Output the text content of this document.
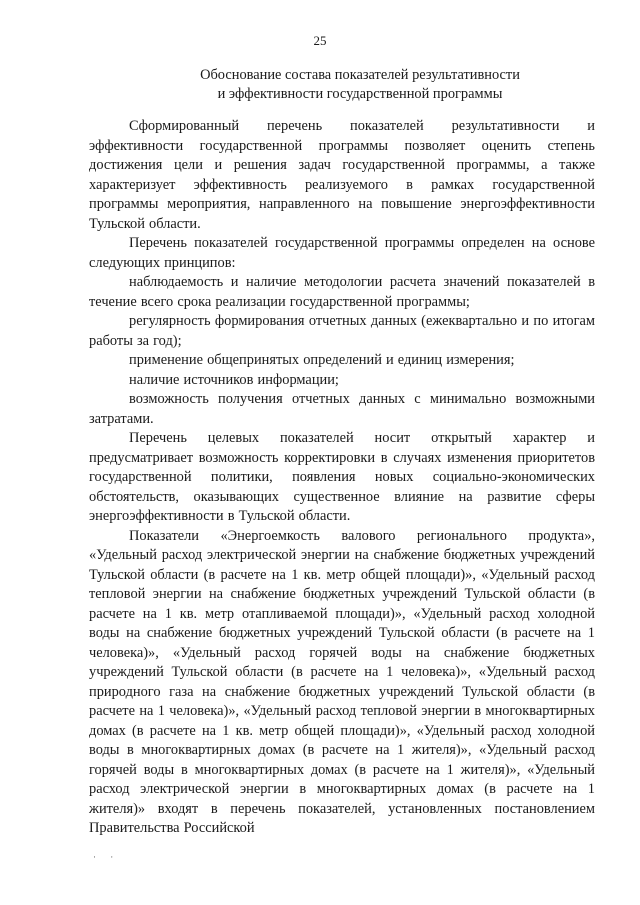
25
Обоснование состава показателей результативности
и эффективности государственной программы

Сформированный перечень показателей результативности и эффективности государственной программы позволяет оценить степень достижения цели и решения задач государственной программы, а также характеризует эффективность реализуемого в рамках государственной программы мероприятия, направленного на повышение энергоэффективности Тульской области.

Перечень показателей государственной программы определен на основе следующих принципов:

наблюдаемость и наличие методологии расчета значений показателей в течение всего срока реализации государственной программы;

регулярность формирования отчетных данных (ежеквартально и по итогам работы за год);

применение общепринятых определений и единиц измерения;

наличие источников информации;

возможность получения отчетных данных с минимально возможными затратами.

Перечень целевых показателей носит открытый характер и предусматривает возможность корректировки в случаях изменения приоритетов государственной политики, появления новых социально-экономических обстоятельств, оказывающих существенное влияние на развитие сферы энергоэффективности в Тульской области.

Показатели «Энергоемкость валового регионального продукта», «Удельный расход электрической энергии на снабжение бюджетных учреждений Тульской области (в расчете на 1 кв. метр общей площади)», «Удельный расход тепловой энергии на снабжение бюджетных учреждений Тульской области (в расчете на 1 кв. метр отапливаемой площади)», «Удельный расход холодной воды на снабжение бюджетных учреждений Тульской области (в расчете на 1 человека)», «Удельный расход горячей воды на снабжение бюджетных учреждений Тульской области (в расчете на 1 человека)», «Удельный расход природного газа на снабжение бюджетных учреждений Тульской области (в расчете на 1 человека)», «Удельный расход тепловой энергии в многоквартирных домах (в расчете на 1 кв. метр общей площади)», «Удельный расход холодной воды в многоквартирных домах (в расчете на 1 жителя)», «Удельный расход горячей воды в многоквартирных домах (в расчете на 1 жителя)», «Удельный расход электрической энергии в многоквартирных домах (в расчете на 1 жителя)» входят в перечень показателей, установленных постановлением Правительства Российской

· ·
